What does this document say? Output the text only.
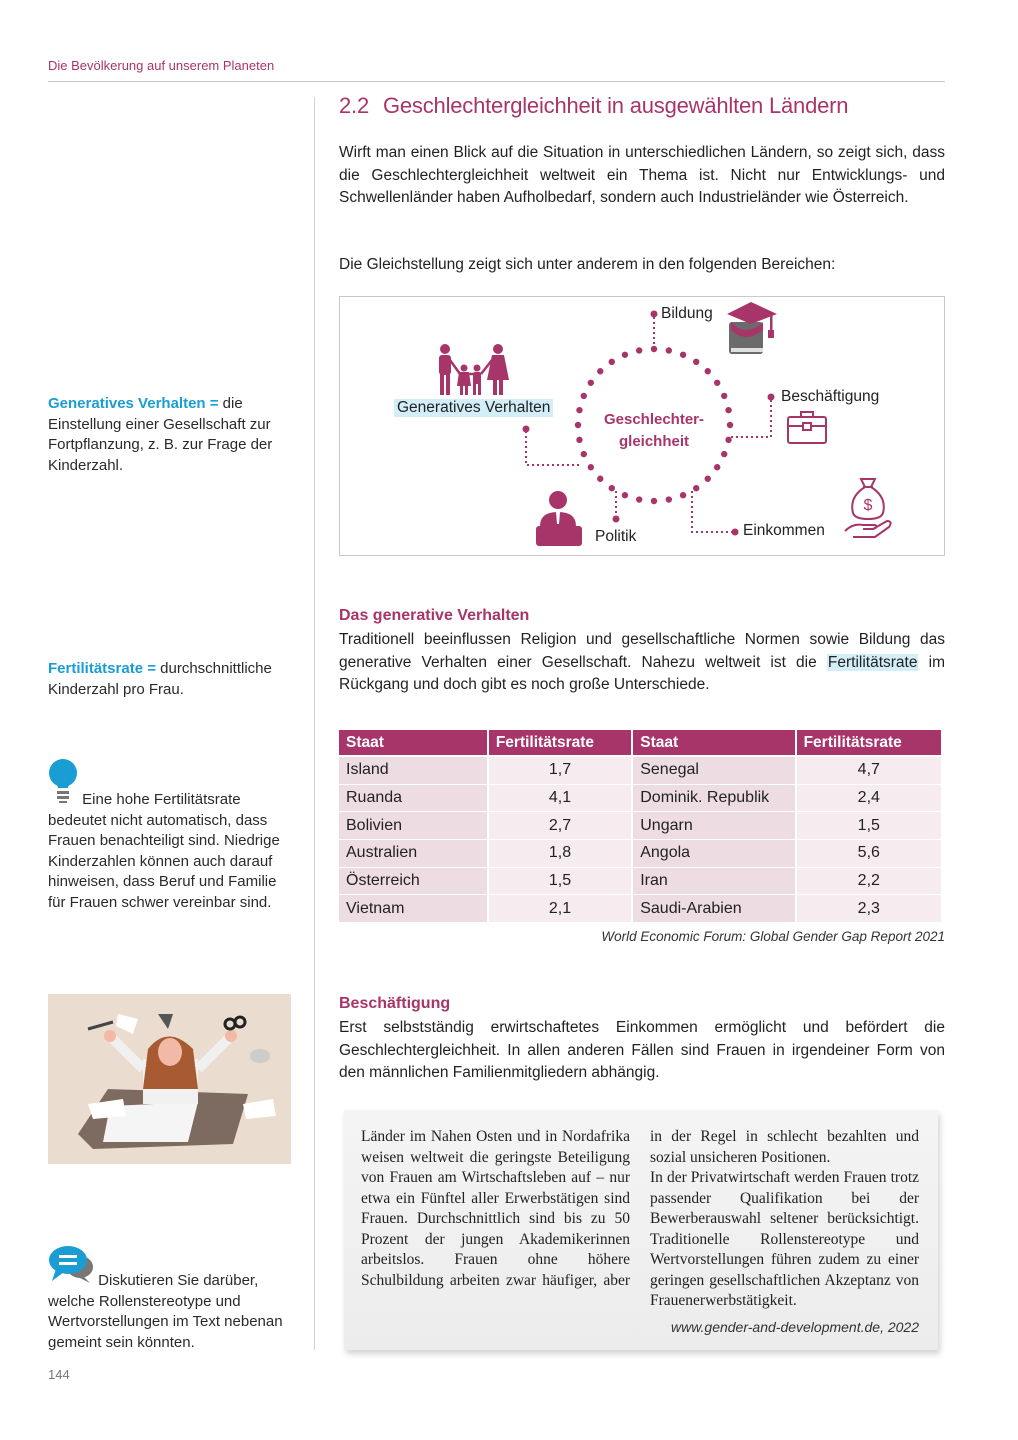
Die Bevölkerung auf unserem Planeten
Generatives Verhalten = die Einstellung einer Gesellschaft zur Fortpflanzung, z. B. zur Frage der Kinderzahl.
Fertilitätsrate = durchschnittliche Kinderzahl pro Frau.
Eine hohe Fertilitätsrate bedeutet nicht automatisch, dass Frauen benachteiligt sind. Niedrige Kinderzahlen können auch darauf hinweisen, dass Beruf und Familie für Frauen schwer vereinbar sind.
Diskutieren Sie darüber, welche Rollenstereotype und Wertvorstellungen im Text nebenan gemeint sein könnten.
144
2.2 Geschlechtergleichheit in ausgewählten Ländern
Wirft man einen Blick auf die Situation in unterschiedlichen Ländern, so zeigt sich, dass die Geschlechtergleichheit weltweit ein Thema ist. Nicht nur Entwicklungs- und Schwellenländer haben Aufholbedarf, sondern auch Industrieländer wie Österreich.
Die Gleichstellung zeigt sich unter anderem in den folgenden Bereichen:
$
Bildung
Beschäftigung
Einkommen
Politik
Generatives Verhalten
Geschlechter-
gleichheit
Das generative Verhalten
Traditionell beeinflussen Religion und gesellschaftliche Normen sowie Bildung das generative Verhalten einer Gesellschaft. Nahezu weltweit ist die Fertilitätsrate im Rückgang und doch gibt es noch große Unterschiede.
Staat	Fertilitätsrate	Staat	Fertilitätsrate
Island	1,7	Senegal	4,7
Ruanda	4,1	Dominik. Republik	2,4
Bolivien	2,7	Ungarn	1,5
Australien	1,8	Angola	5,6
Österreich	1,5	Iran	2,2
Vietnam	2,1	Saudi-Arabien	2,3
World Economic Forum: Global Gender Gap Report 2021
Beschäftigung
Erst selbstständig erwirtschaftetes Einkommen ermöglicht und befördert die Geschlechtergleichheit. In allen anderen Fällen sind Frauen in irgendeiner Form von den männlichen Familienmitgliedern abhängig.

Länder im Nahen Osten und in Nordafrika weisen weltweit die geringste Beteiligung von Frauen am Wirtschaftsleben auf – nur etwa ein Fünftel aller Erwerbstätigen sind Frauen. Durchschnittlich sind bis zu 50 Prozent der jungen Akademikerinnen arbeitslos. Frauen ohne höhere Schulbildung arbeiten zwar häufiger, aber in der Regel in schlecht bezahlten und sozial unsicheren Positionen.

In der Privatwirtschaft werden Frauen trotz passender Qualifikation bei der Bewerberauswahl seltener berücksichtigt. Traditionelle Rollenstereotype und Wertvorstellungen führen zudem zu einer geringen gesellschaftlichen Akzeptanz von Frauenerwerbstätigkeit.

www.gender-and-development.de, 2022
